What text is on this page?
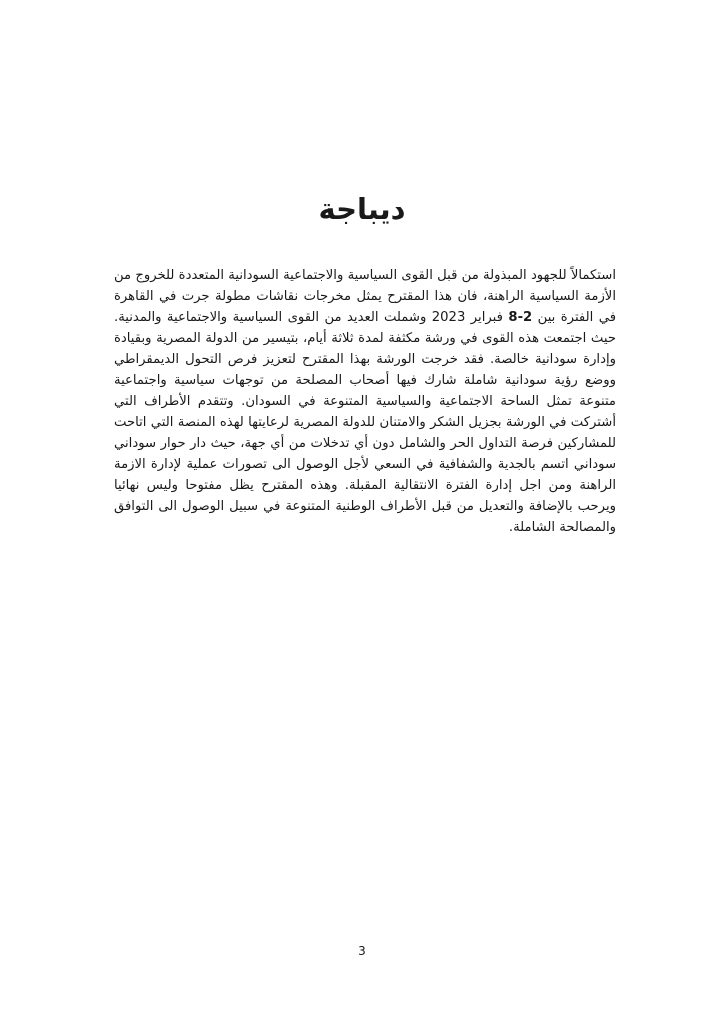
ديباجة

استكمالاً للجهود المبذولة من قبل القوى السياسية والاجتماعية السودانية المتعددة للخروج من الأزمة السياسية الراهنة، فان هذا المقترح يمثل مخرجات نقاشات مطولة جرت في القاهرة في الفترة بين 2-8 فبراير 2023 وشملت العديد من القوى السياسية والاجتماعية والمدنية. حيث اجتمعت هذه القوى في ورشة مكثفة لمدة ثلاثة أيام، بتيسير من الدولة المصرية وبقيادة وإدارة سودانية خالصة. فقد خرجت الورشة بهذا المقترح لتعزيز فرص التحول الديمقراطي ووضع رؤية سودانية شاملة شارك فيها أصحاب المصلحة من توجهات سياسية واجتماعية متنوعة تمثل الساحة الاجتماعية والسياسية المتنوعة في السودان. وتتقدم الأطراف التي أشتركت في الورشة بجزيل الشكر والامتنان للدولة المصرية لرعايتها لهذه المنصة التي اتاحت للمشاركين فرصة التداول الحر والشامل دون أي تدخلات من أي جهة، حيث دار حوار سوداني سوداني اتسم بالجدية والشفافية في السعي لأجل الوصول الى تصورات عملية لإدارة الازمة الراهنة ومن اجل إدارة الفترة الانتقالية المقبلة. وهذه المقترح يظل مفتوحا وليس نهائيا ويرحب بالإضافة والتعديل من قبل الأطراف الوطنية المتنوعة في سبيل الوصول الى التوافق والمصالحة الشاملة.

3
